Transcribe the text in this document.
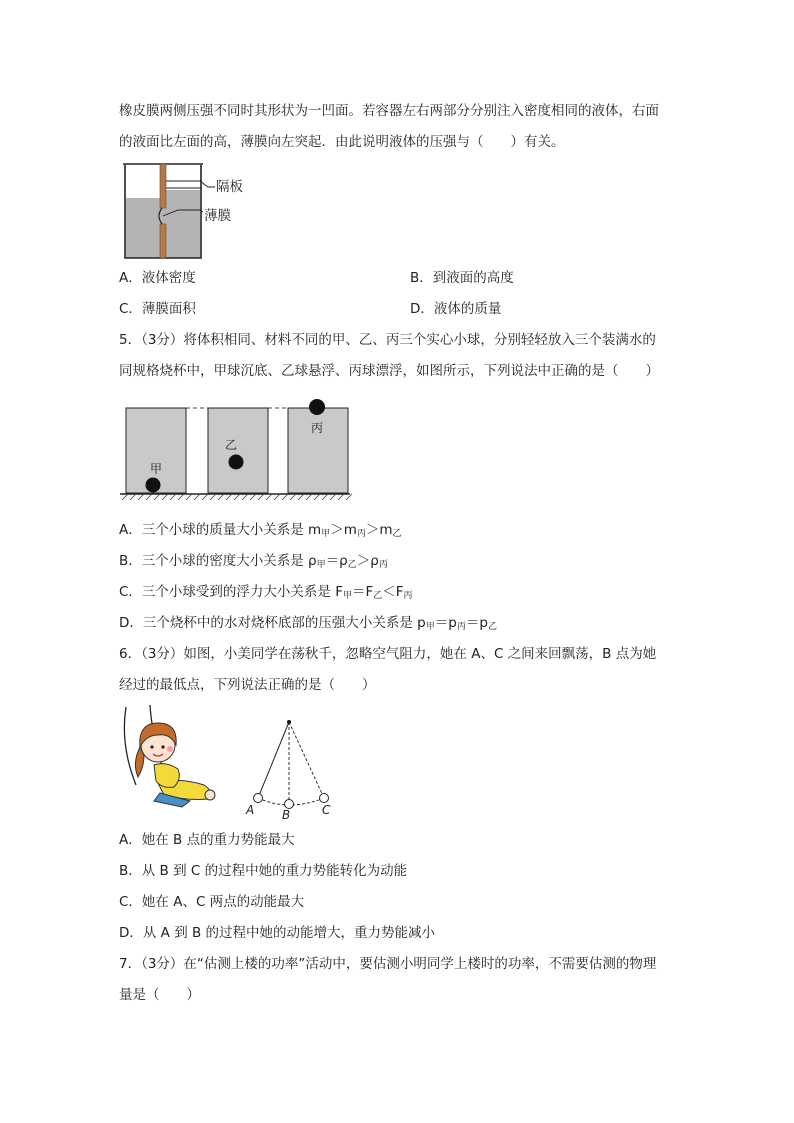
橡皮膜两侧压强不同时其形状为一凹面。若容器左右两部分分别注入密度相同的液体，右面
的液面比左面的高，薄膜向左突起．由此说明液体的压强与（　　）有关。
隔板
薄膜
A．液体密度	B．到液面的高度
C．薄膜面积	D．液体的质量
5．（3分）将体积相同、材料不同的甲、乙、丙三个实心小球，分别轻轻放入三个装满水的
同规格烧杯中，甲球沉底、乙球悬浮、丙球漂浮，如图所示，下列说法中正确的是（　　）
甲
乙
丙
A．三个小球的质量大小关系是 $m_甲>m_丙>m_乙$
B．三个小球的密度大小关系是 $\rho_甲=\rho_乙>\rho_丙$
C．三个小球受到的浮力大小关系是 $F_甲=F_乙<F_丙$
D．三个烧杯中的水对烧杯底部的压强大小关系是 $p_甲=p_丙=p_乙$
6．（3分）如图，小美同学在荡秋千，忽略空气阻力，她在 A、C 之间来回飘荡，B 点为她
经过的最低点，下列说法正确的是（　　）
A B	C
A．她在 B 点的重力势能最大
B．从 B 到 C 的过程中她的重力势能转化为动能
C．她在 A、C 两点的动能最大
D．从 A 到 B 的过程中她的动能增大，重力势能减小
7．（3分）在“估测上楼的功率”活动中，要估测小明同学上楼时的功率，不需要估测的物理
量是（　　）
